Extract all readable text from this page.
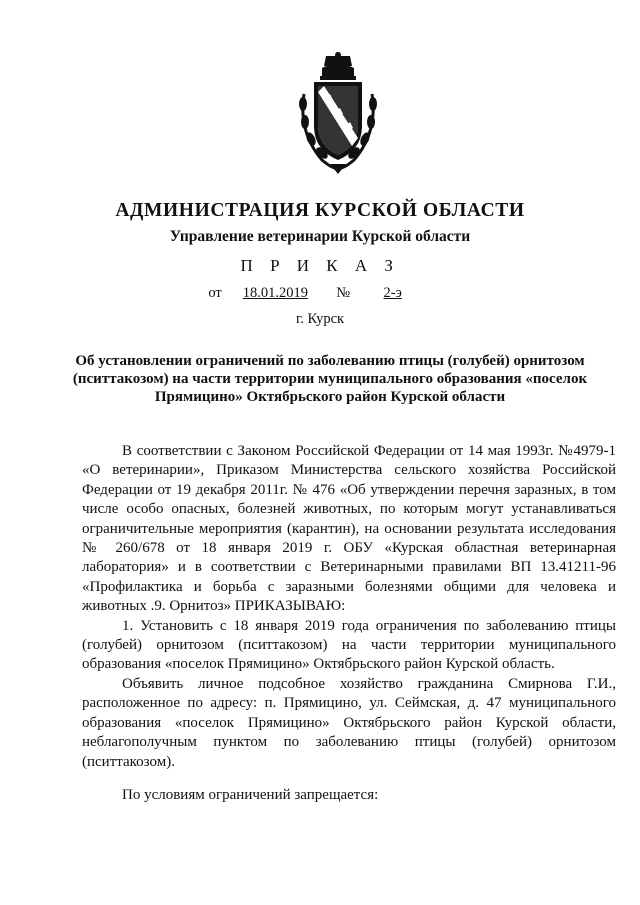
АДМИНИСТРАЦИЯ КУРСКОЙ ОБЛАСТИ
Управление ветеринарии Курской области
П Р И К А З
от 18.01.2019 № 2-э
г. Курск
Об установлении ограничений по заболеванию птицы (голубей) орнитозом (пситтакозом) на части территории муниципального образования «поселок Прямицино» Октябрьского район Курской области

В соответствии с Законом Российской Федерации от 14 мая 1993г. №4979-1 «О ветеринарии», Приказом Министерства сельского хозяйства Российской Федерации от 19 декабря 2011г. № 476 «Об утверждении перечня заразных, в том числе особо опасных, болезней животных, по которым могут устанавливаться ограничительные мероприятия (карантин), на основании результата исследования № 260/678 от 18 января 2019 г. ОБУ «Курская областная ветеринарная лаборатория» и в соответствии с Ветеринарными правилами ВП 13.41211-96 «Профилактика и борьба с заразными болезнями общими для человека и животных .9. Орнитоз» ПРИКАЗЫВАЮ:

1. Установить с 18 января 2019 года ограничения по заболеванию птицы (голубей) орнитозом (пситтакозом) на части территории муниципального образования «поселок Прямицино» Октябрьского район Курской область.

Объявить личное подсобное хозяйство гражданина Смирнова Г.И., расположенное по адресу: п. Прямицино, ул. Сеймская, д. 47 муниципального образования «поселок Прямицино» Октябрьского район Курской области, неблагополучным пунктом по заболеванию птицы (голубей) орнитозом (пситтакозом).

По условиям ограничений запрещается:
